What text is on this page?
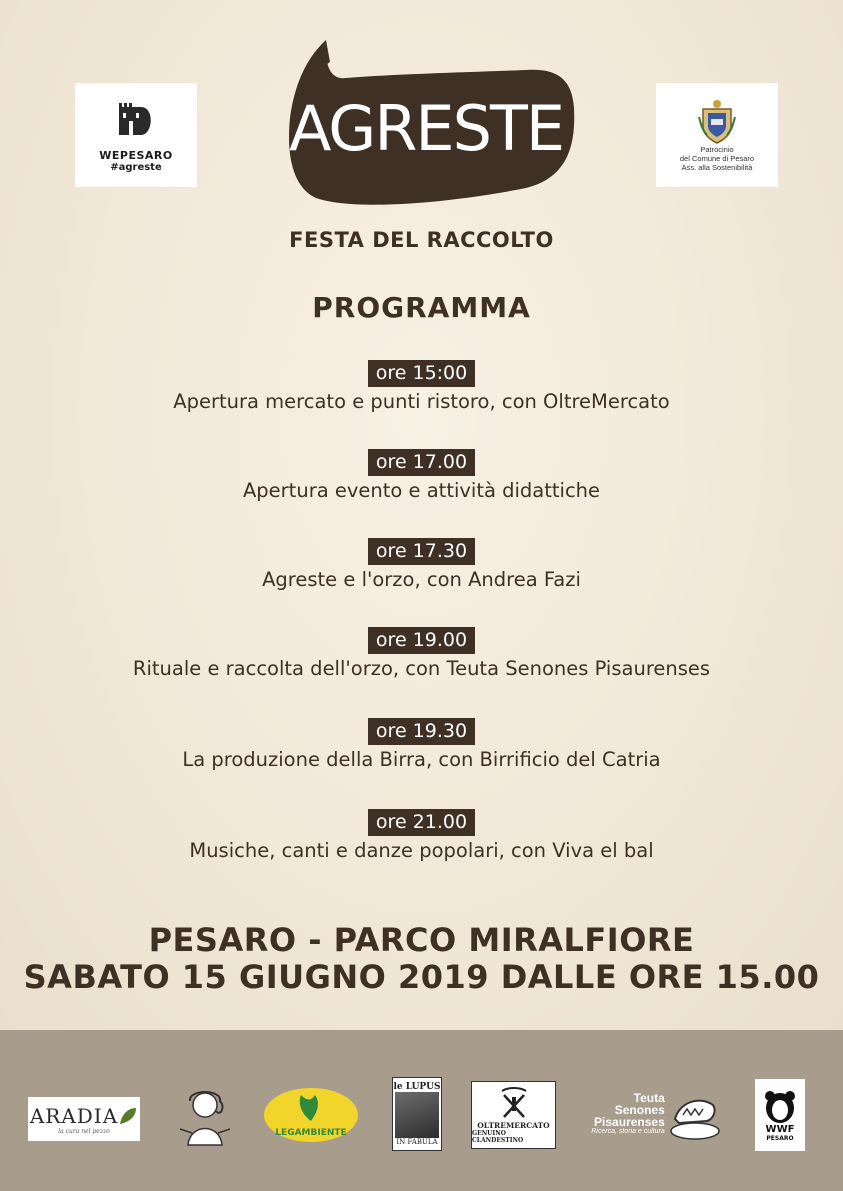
WEPESARO
#agreste
Patrocinio
del Comune di Pesaro
Ass. alla Sostenibilità
AGRESTE
FESTA DEL RACCOLTO
PROGRAMMA
ore 15:00
Apertura mercato e punti ristoro, con OltreMercato
ore 17.00
Apertura evento e attività didattiche
ore 17.30
Agreste e l'orzo, con Andrea Fazi
ore 19.00
Rituale e raccolta dell'orzo, con Teuta Senones Pisaurenses
ore 19.30
La produzione della Birra, con Birrificio del Catria
ore 21.00
Musiche, canti e danze popolari, con Viva el bal
PESARO - PARCO MIRALFIORE
SABATO 15 GIUGNO 2019 DALLE ORE 15.00
ARADIA
la cura nel pezzo	LEGAMBIENTE
le LUPUS
IN FABULA
OLTREMERCATO
GENUINO CLANDESTINO
Teuta
Senones
Pisaurenses
Ricerca, storia e cultura	WWF
PESARO
